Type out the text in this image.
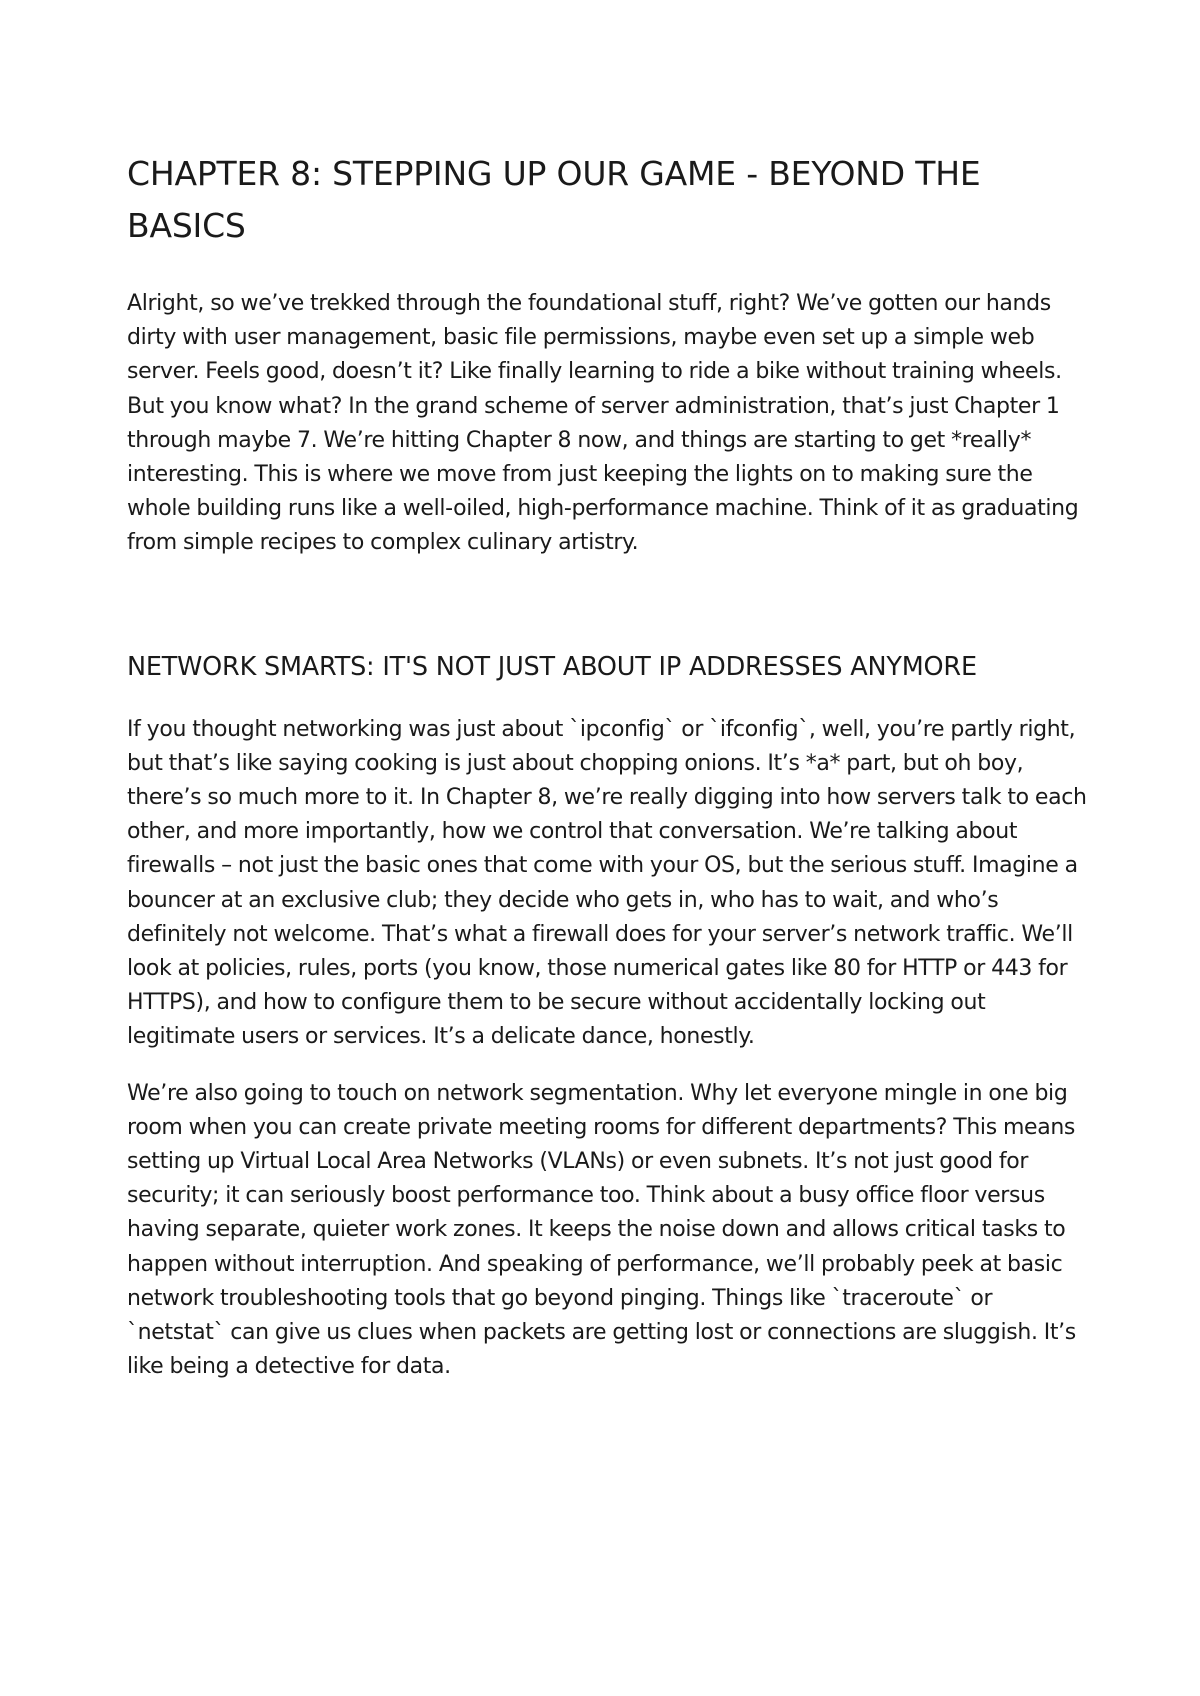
CHAPTER 8: STEPPING UP OUR GAME - BEYOND THE BASICS

Alright, so we’ve trekked through the foundational stuff, right? We’ve gotten our hands dirty with user management, basic file permissions, maybe even set up a simple web server. Feels good, doesn’t it? Like finally learning to ride a bike without training wheels. But you know what? In the grand scheme of server administration, that’s just Chapter 1 through maybe 7. We’re hitting Chapter 8 now, and things are starting to get *really* interesting. This is where we move from just keeping the lights on to making sure the whole building runs like a well-oiled, high-performance machine. Think of it as graduating from simple recipes to complex culinary artistry.

NETWORK SMARTS: IT'S NOT JUST ABOUT IP ADDRESSES ANYMORE

If you thought networking was just about `ipconfig` or `ifconfig`, well, you’re partly right, but that’s like saying cooking is just about chopping onions. It’s *a* part, but oh boy, there’s so much more to it. In Chapter 8, we’re really digging into how servers talk to each other, and more importantly, how we control that conversation. We’re talking about firewalls – not just the basic ones that come with your OS, but the serious stuff. Imagine a bouncer at an exclusive club; they decide who gets in, who has to wait, and who’s definitely not welcome. That’s what a firewall does for your server’s network traffic. We’ll look at policies, rules, ports (you know, those numerical gates like 80 for HTTP or 443 for HTTPS), and how to configure them to be secure without accidentally locking out legitimate users or services. It’s a delicate dance, honestly.

We’re also going to touch on network segmentation. Why let everyone mingle in one big room when you can create private meeting rooms for different departments? This means setting up Virtual Local Area Networks (VLANs) or even subnets. It’s not just good for security; it can seriously boost performance too. Think about a busy office floor versus having separate, quieter work zones. It keeps the noise down and allows critical tasks to happen without interruption. And speaking of performance, we’ll probably peek at basic network troubleshooting tools that go beyond pinging. Things like `traceroute` or `netstat` can give us clues when packets are getting lost or connections are sluggish. It’s like being a detective for data.
